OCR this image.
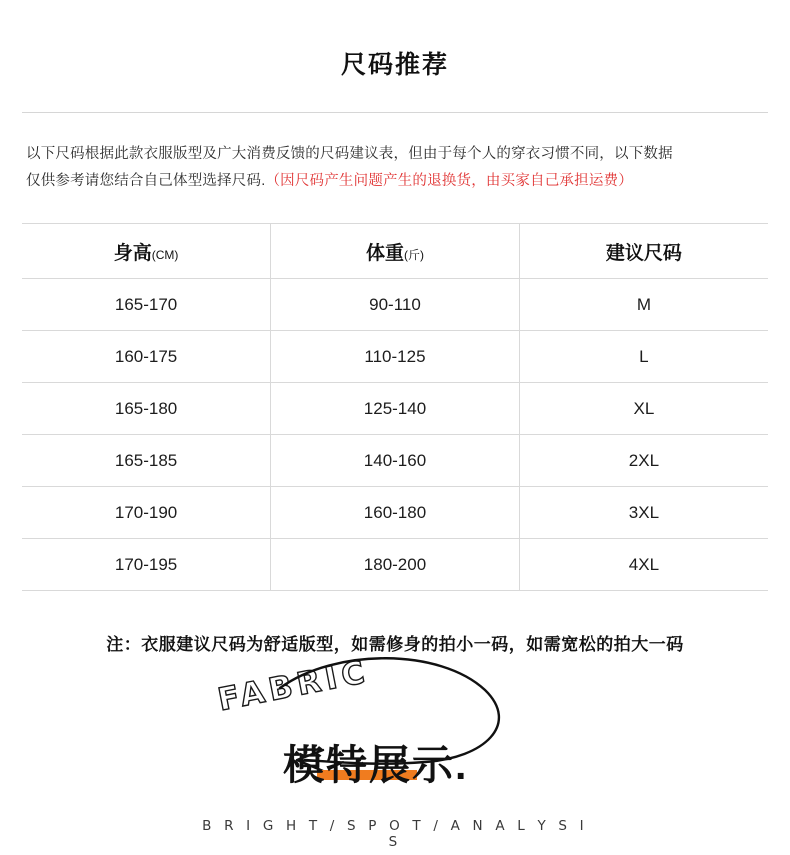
尺码推荐

以下尺码根据此款衣服版型及广大消费反馈的尺码建议表，但由于每个人的穿衣习惯不同，以下数据
仅供参考请您结合自己体型选择尺码.（因尺码产生问题产生的退换货，由买家自己承担运费）

身高(CM)	体重(斤)	建议尺码
165-170	90-110	M
160-175	110-125	L
165-180	125-140	XL
165-185	140-160	2XL
170-190	160-180	3XL
170-195	180-200	4XL

注：衣服建议尺码为舒适版型，如需修身的拍小一码，如需宽松的拍大一码

FABRIC
模特展示.
B R I G H T / S P O T / A N A L Y S I S
